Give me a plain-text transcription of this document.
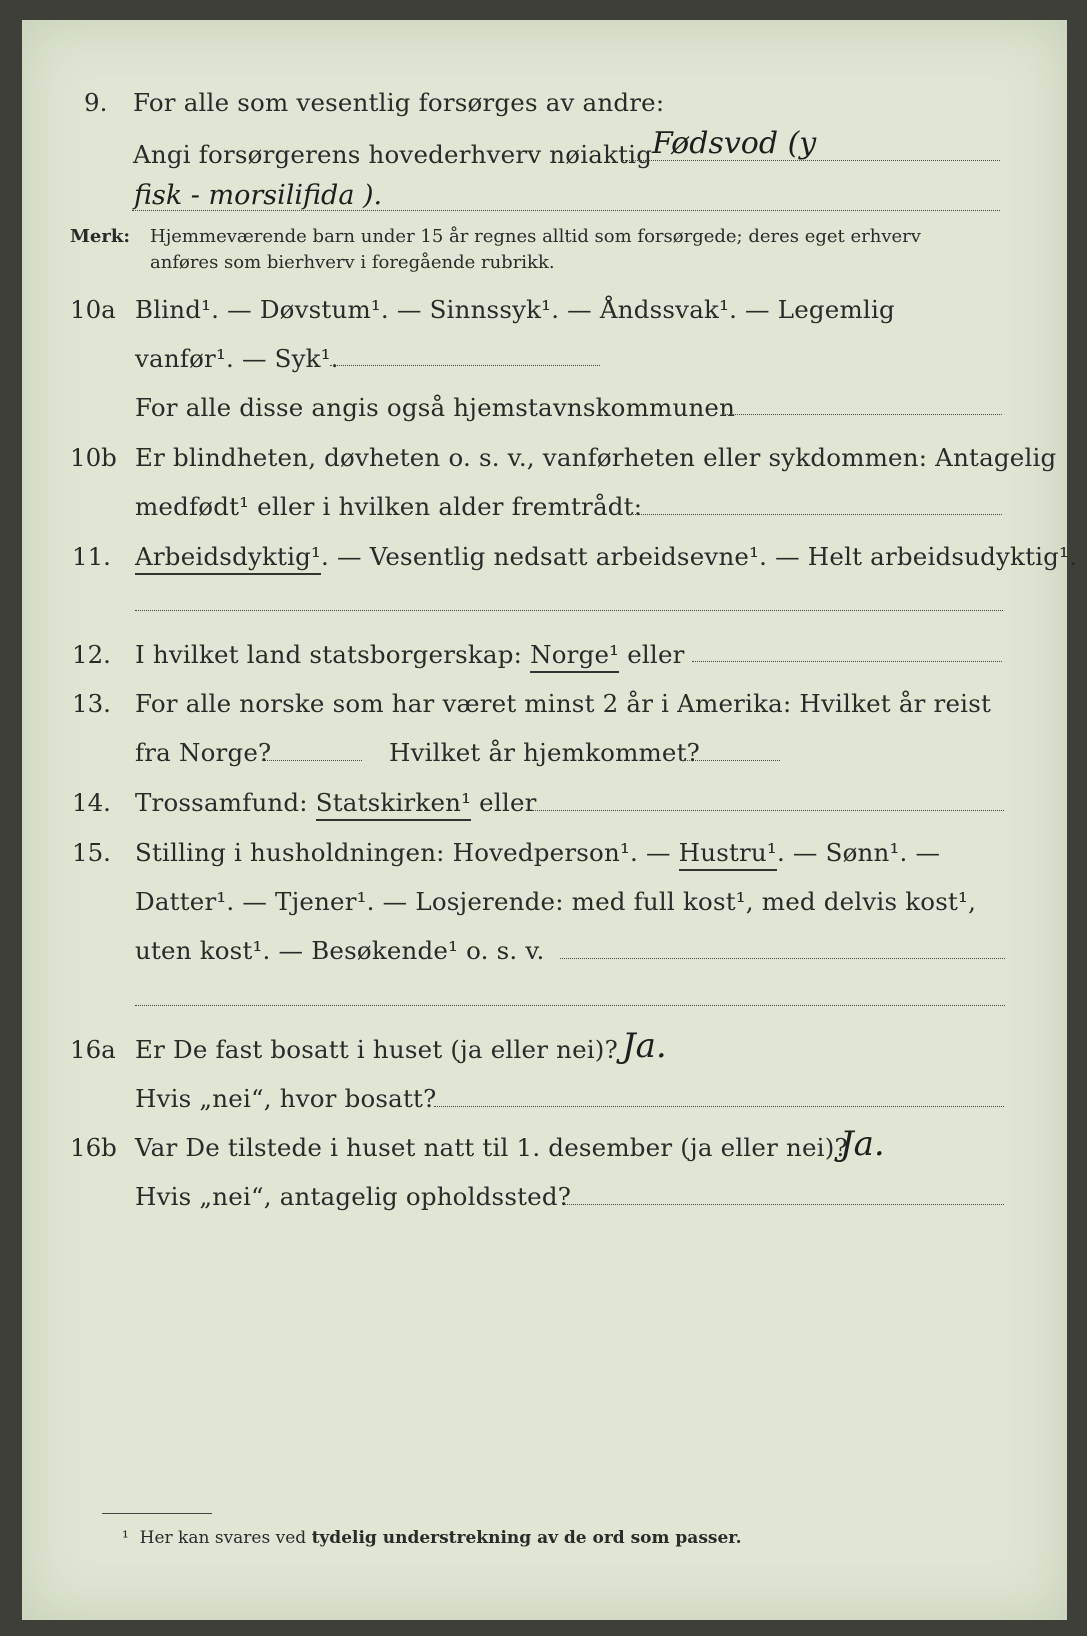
9. For alle som vesentlig forsørges av andre:
Angi forsørgerens hovederhverv nøiaktig Fødsvod (y
fisk - morsilifida ).
Merk: Hjemmeværende barn under 15 år regnes alltid som forsørgede; deres eget erhverv
anføres som bierhverv i foregående rubrikk.
10a Blind¹. — Døvstum¹. — Sinnssyk¹. — Åndssvak¹. — Legemlig
vanfør¹. — Syk¹.
For alle disse angis også hjemstavnskommunen
10b Er blindheten, døvheten o. s. v., vanførheten eller sykdommen: Antagelig
medfødt¹ eller i hvilken alder fremtrådt:
11. Arbeidsdyktig¹. — Vesentlig nedsatt arbeidsevne¹. — Helt arbeidsudyktig¹.
12. I hvilket land statsborgerskap: Norge¹ eller
13. For alle norske som har været minst 2 år i Amerika: Hvilket år reist
fra Norge?	Hvilket år hjemkommet?
14. Trossamfund: Statskirken¹ eller
15. Stilling i husholdningen: Hovedperson¹. — Hustru¹. — Sønn¹. —
Datter¹. — Tjener¹. — Losjerende: med full kost¹, med delvis kost¹,
uten kost¹. — Besøkende¹ o. s. v.
16a Er De fast bosatt i huset (ja eller nei)? Ja.
Hvis „nei“, hvor bosatt?
16b Var De tilstede i huset natt til 1. desember (ja eller nei)?
Ja.
Hvis „nei“, antagelig opholdssted?
¹ Her kan svares ved tydelig understrekning av de ord som passer.
